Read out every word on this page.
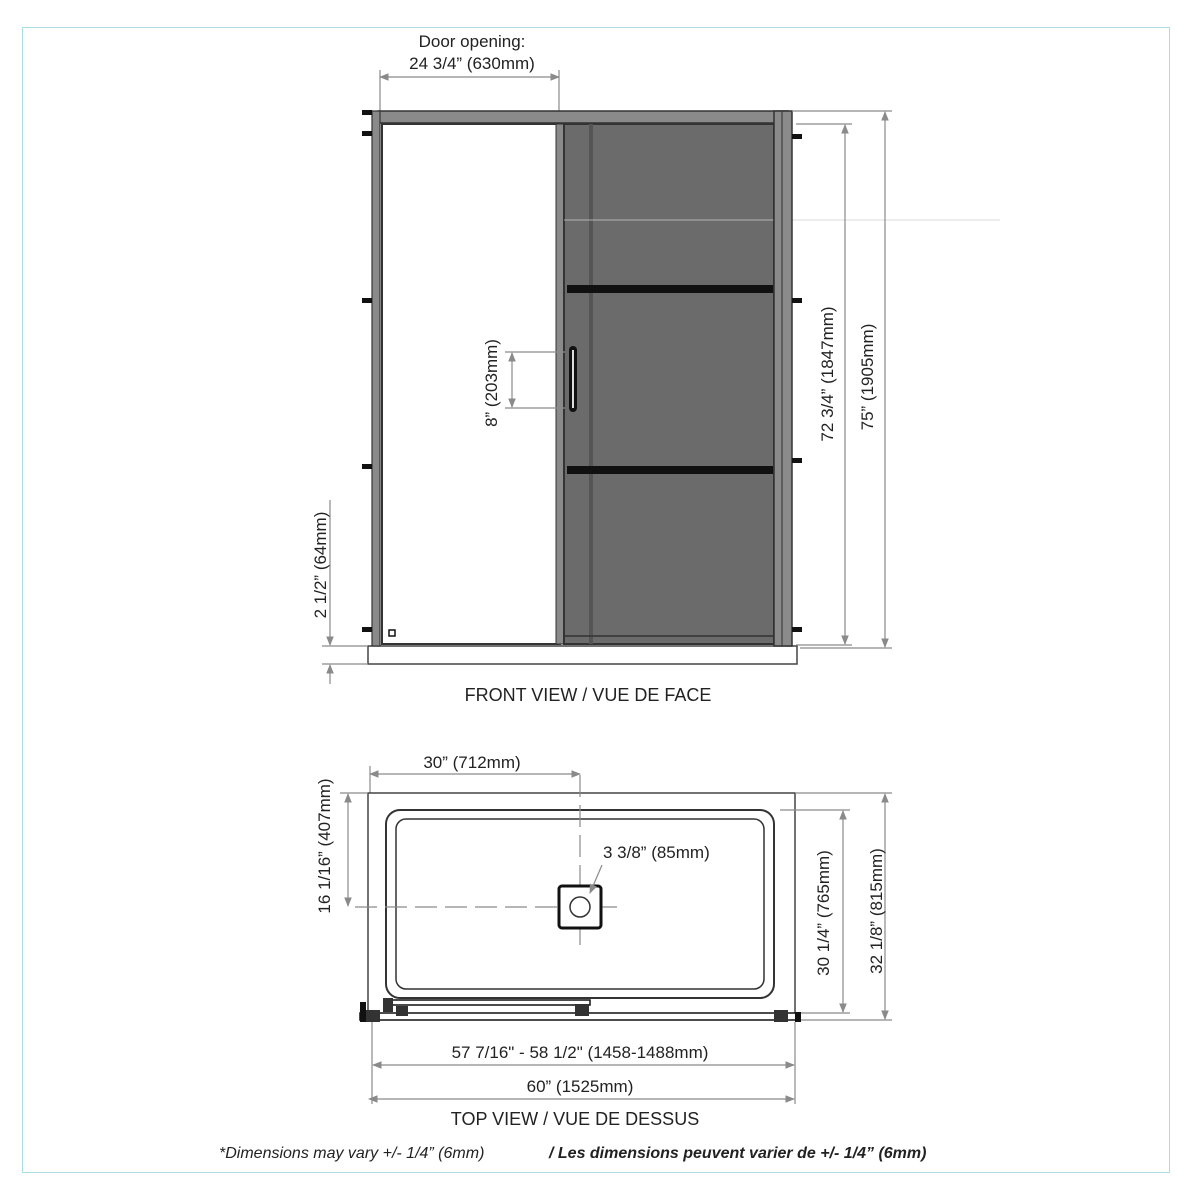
Door opening:
24 3/4” (630mm)
8” (203mm)	72 3/4” (1847mm) 75” (1905mm)
2 1/2” (64mm)
FRONT VIEW / VUE DE FACE
30” (712mm)
3 3/8” (85mm)
16 1/16” (407mm)	30 1/4” (765mm) 32 1/8” (815mm)
57 7/16" - 58 1/2" (1458-1488mm)
60” (1525mm)
TOP VIEW / VUE DE DESSUS
*Dimensions may vary +/- 1/4” (6mm)	/ Les dimensions peuvent varier de +/- 1/4” (6mm)
